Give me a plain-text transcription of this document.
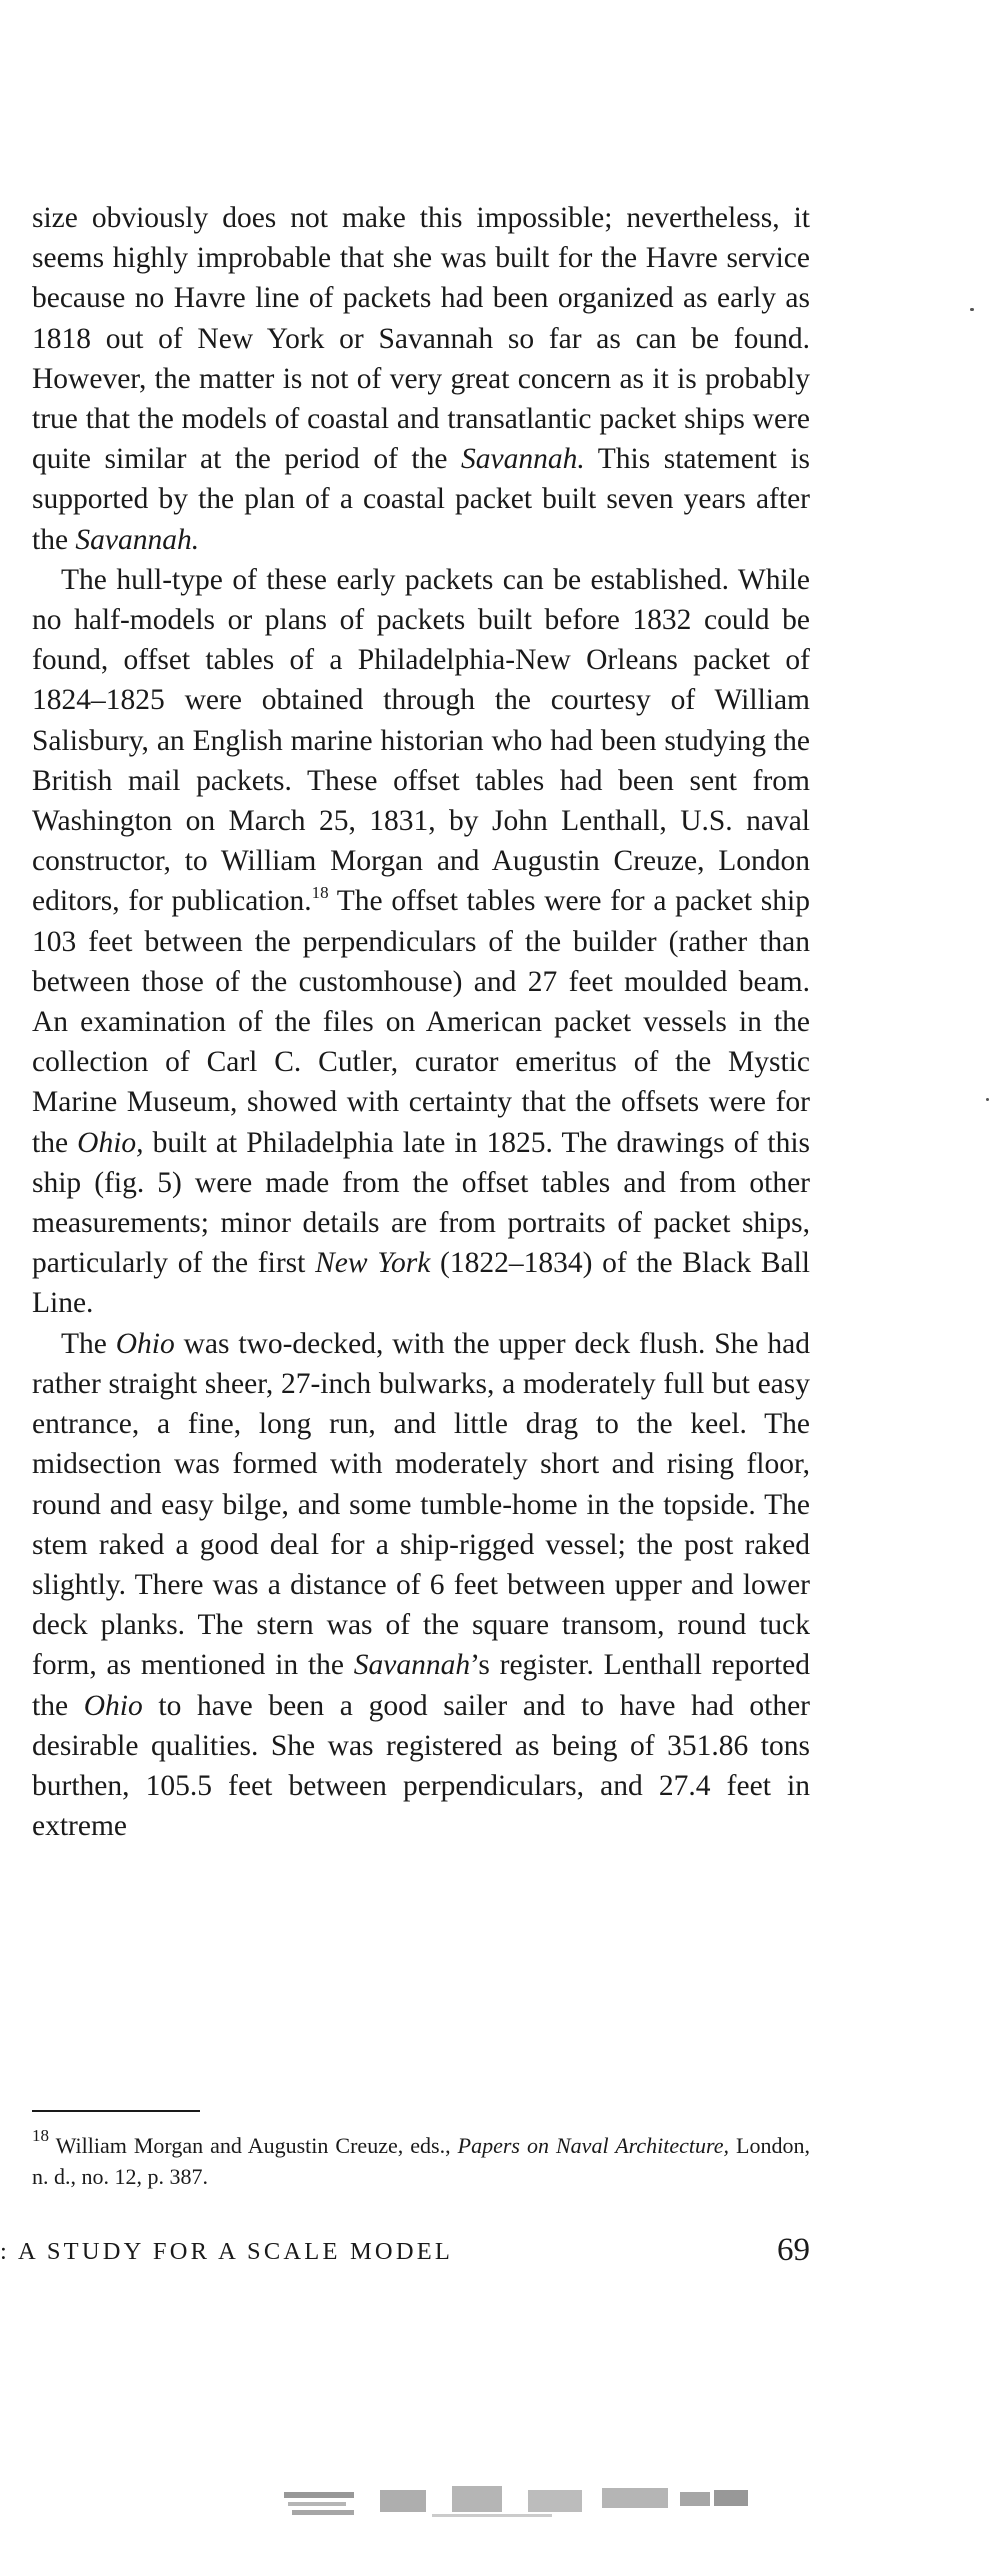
size obviously does not make this impossible; nevertheless, it seems highly improbable that she was built for the Havre service because no Havre line of packets had been organized as early as 1818 out of New York or Savannah so far as can be found. However, the matter is not of very great concern as it is probably true that the models of coastal and transatlantic packet ships were quite similar at the period of the Savannah. This statement is supported by the plan of a coastal packet built seven years after the Savannah.

The hull-type of these early packets can be established. While no half-models or plans of packets built before 1832 could be found, offset tables of a Philadelphia-New Orleans packet of 1824–1825 were obtained through the courtesy of William Salisbury, an English marine historian who had been studying the British mail packets. These offset tables had been sent from Washington on March 25, 1831, by John Lenthall, U.S. naval constructor, to William Morgan and Augustin Creuze, London editors, for publication.$^{18}$ The offset tables were for a packet ship 103 feet between the perpendiculars of the builder (rather than between those of the customhouse) and 27 feet moulded beam. An examination of the files on American packet vessels in the collection of Carl C. Cutler, curator emeritus of the Mystic Marine Museum, showed with certainty that the offsets were for the Ohio, built at Philadelphia late in 1825. The drawings of this ship (fig. 5) were made from the offset tables and from other measurements; minor details are from portraits of packet ships, particularly of the first New York (1822–1834) of the Black Ball Line.

The Ohio was two-decked, with the upper deck flush. She had rather straight sheer, 27-inch bulwarks, a moderately full but easy entrance, a fine, long run, and little drag to the keel. The midsection was formed with moderately short and rising floor, round and easy bilge, and some tumble-home in the topside. The stem raked a good deal for a ship-rigged vessel; the post raked slightly. There was a distance of 6 feet between upper and lower deck planks. The stern was of the square transom, round tuck form, as mentioned in the Savannah’s register. Lenthall reported the Ohio to have been a good sailer and to have had other desirable qualities. She was registered as being of 351.86 tons burthen, 105.5 feet between perpendiculars, and 27.4 feet in extreme

$^{18}$ William Morgan and Augustin Creuze, eds., Papers on Naval Architecture, London, n. d., no. 12, p. 387.
: A STUDY FOR A SCALE MODEL	69
